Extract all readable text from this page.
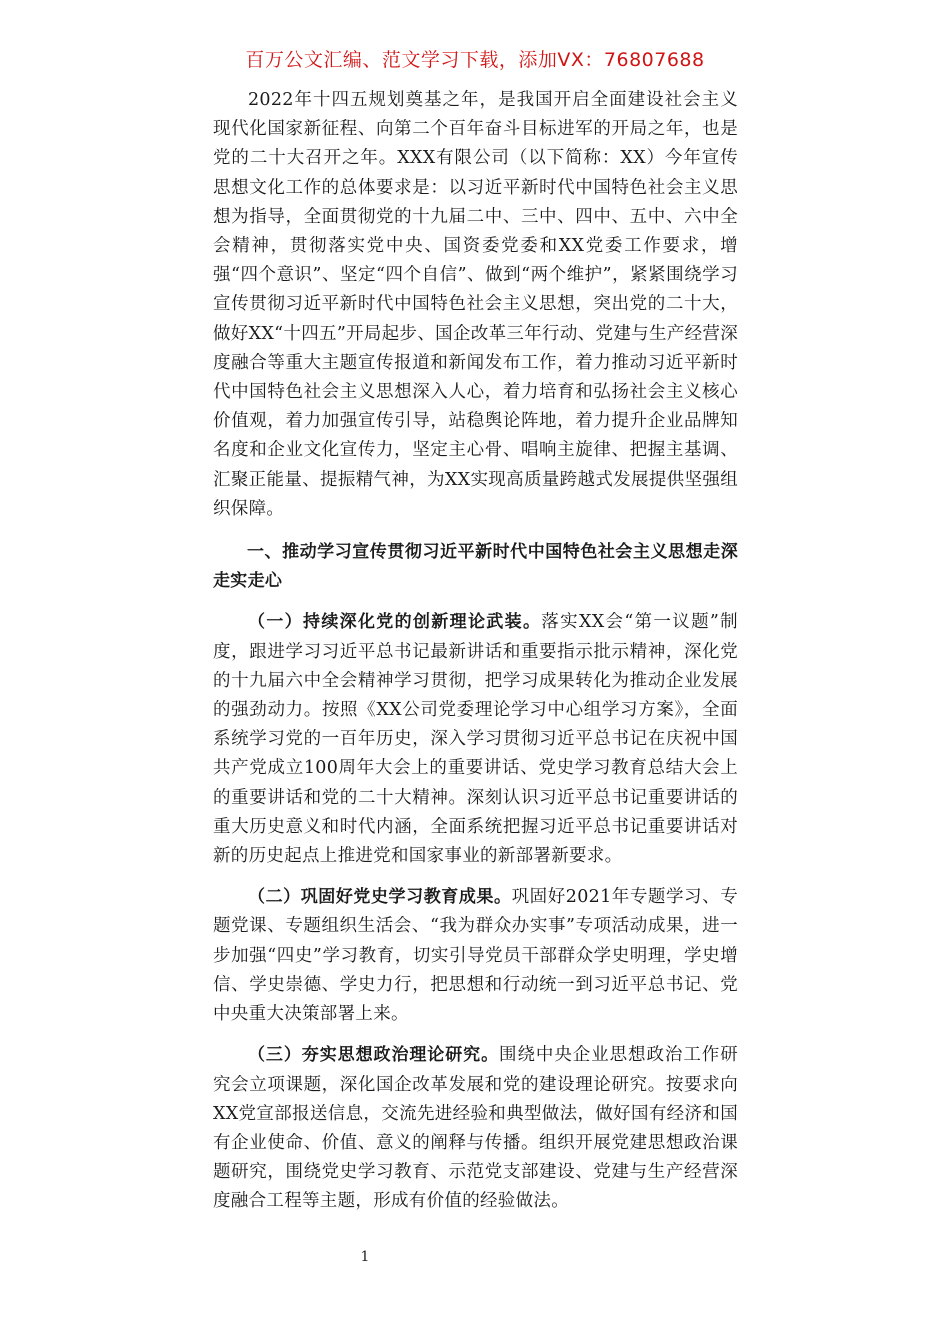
百万公文汇编、范文学习下载，添加VX：76807688

2022年十四五规划奠基之年，是我国开启全面建设社会主义现代化国家新征程、向第二个百年奋斗目标进军的开局之年，也是党的二十大召开之年。XXX有限公司（以下简称：XX）今年宣传思想文化工作的总体要求是：以习近平新时代中国特色社会主义思想为指导，全面贯彻党的十九届二中、三中、四中、五中、六中全会精神，贯彻落实党中央、国资委党委和XX党委工作要求，增强“四个意识”、坚定“四个自信”、做到“两个维护”，紧紧围绕学习宣传贯彻习近平新时代中国特色社会主义思想，突出党的二十大，做好XX“十四五”开局起步、国企改革三年行动、党建与生产经营深度融合等重大主题宣传报道和新闻发布工作，着力推动习近平新时代中国特色社会主义思想深入人心，着力培育和弘扬社会主义核心价值观，着力加强宣传引导，站稳舆论阵地，着力提升企业品牌知名度和企业文化宣传力，坚定主心骨、唱响主旋律、把握主基调、汇聚正能量、提振精气神，为XX实现高质量跨越式发展提供坚强组织保障。

一、推动学习宣传贯彻习近平新时代中国特色社会主义思想走深走实走心

（一）持续深化党的创新理论武装。落实XX会“第一议题”制度，跟进学习习近平总书记最新讲话和重要指示批示精神，深化党的十九届六中全会精神学习贯彻，把学习成果转化为推动企业发展的强劲动力。按照《XX公司党委理论学习中心组学习方案》，全面系统学习党的一百年历史，深入学习贯彻习近平总书记在庆祝中国共产党成立100周年大会上的重要讲话、党史学习教育总结大会上的重要讲话和党的二十大精神。深刻认识习近平总书记重要讲话的重大历史意义和时代内涵，全面系统把握习近平总书记重要讲话对新的历史起点上推进党和国家事业的新部署新要求。

（二）巩固好党史学习教育成果。巩固好2021年专题学习、专题党课、专题组织生活会、“我为群众办实事”专项活动成果，进一步加强“四史”学习教育，切实引导党员干部群众学史明理，学史增信、学史崇德、学史力行，把思想和行动统一到习近平总书记、党中央重大决策部署上来。

（三）夯实思想政治理论研究。围绕中央企业思想政治工作研究会立项课题，深化国企改革发展和党的建设理论研究。按要求向XX党宣部报送信息，交流先进经验和典型做法，做好国有经济和国有企业使命、价值、意义的阐释与传播。组织开展党建思想政治课题研究，围绕党史学习教育、示范党支部建设、党建与生产经营深度融合工程等主题，形成有价值的经验做法。

1
